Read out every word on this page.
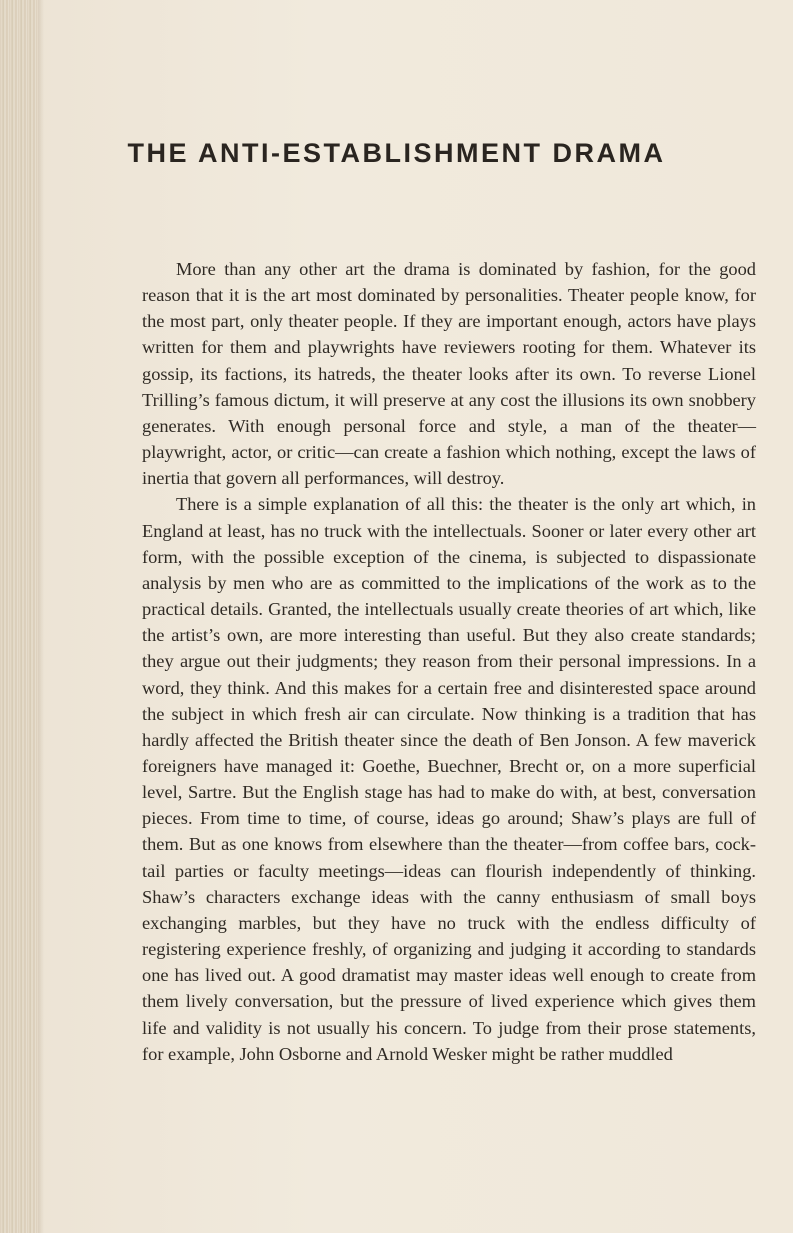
THE ANTI-ESTABLISHMENT DRAMA

More than any other art the drama is dominated by fashion, for the good reason that it is the art most dominated by personalities. Theater people know, for the most part, only theater people. If they are important enough, actors have plays written for them and playwrights have reviewers rooting for them. Whatever its gossip, its factions, its hatreds, the theater looks after its own. To reverse Lionel Trilling’s famous dictum, it will preserve at any cost the illusions its own snobbery generates. With enough personal force and style, a man of the theater— playwright, actor, or critic—can create a fashion which nothing, except the laws of inertia that govern all performances, will destroy.

There is a simple explanation of all this: the theater is the only art which, in England at least, has no truck with the intellectuals. Sooner or later every other art form, with the possible exception of the cinema, is subjected to dispassionate analysis by men who are as committed to the implications of the work as to the practical details. Granted, the intellectuals usually create theories of art which, like the artist’s own, are more interesting than useful. But they also create standards; they argue out their judgments; they reason from their personal impressions. In a word, they think. And this makes for a certain free and disinterested space around the subject in which fresh air can circulate. Now thinking is a tradition that has hardly affected the British theater since the death of Ben Jonson. A few maverick foreigners have managed it: Goethe, Buechner, Brecht or, on a more superficial level, Sartre. But the English stage has had to make do with, at best, conversation pieces. From time to time, of course, ideas go around; Shaw’s plays are full of them. But as one knows from elsewhere than the theater—from coffee bars, cocktail parties or faculty meetings—ideas can flourish independently of thinking. Shaw’s characters exchange ideas with the canny enthusiasm of small boys exchanging marbles, but they have no truck with the endless difficulty of registering experience freshly, of organizing and judging it according to standards one has lived out. A good dramatist may master ideas well enough to create from them lively conversation, but the pressure of lived experience which gives them life and validity is not usually his concern. To judge from their prose statements, for example, John Osborne and Arnold Wesker might be rather muddled
